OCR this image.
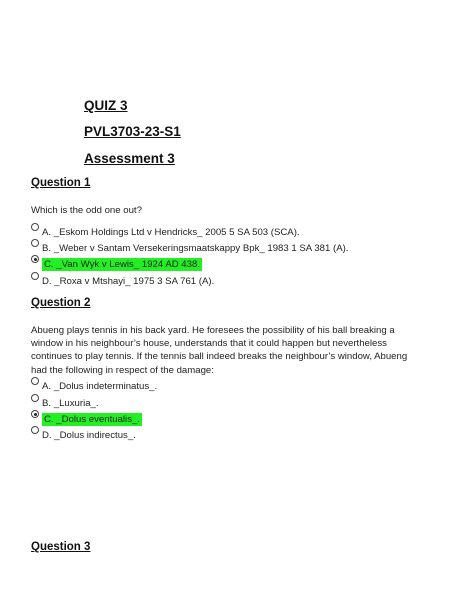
QUIZ 3
PVL3703-23-S1
Assessment 3
Question 1
Which is the odd one out?
A. _Eskom Holdings Ltd v Hendricks_ 2005 5 SA 503 (SCA).
B. _Weber v Santam Versekeringsmaatskappy Bpk_ 1983 1 SA 381 (A).
C. _Van Wyk v Lewis_ 1924 AD 438.
D. _Roxa v Mtshayi_ 1975 3 SA 761 (A).
Question 2
Abueng plays tennis in his back yard. He foresees the possibility of his ball breaking a
window in his neighbour’s house, understands that it could happen but nevertheless
continues to play tennis. If the tennis ball indeed breaks the neighbour’s window, Abueng
had the following in respect of the damage:
A. _Dolus indeterminatus_.
B. _Luxuria_.
C. _Dolus eventualis_.
D. _Dolus indirectus_.
Question 3
